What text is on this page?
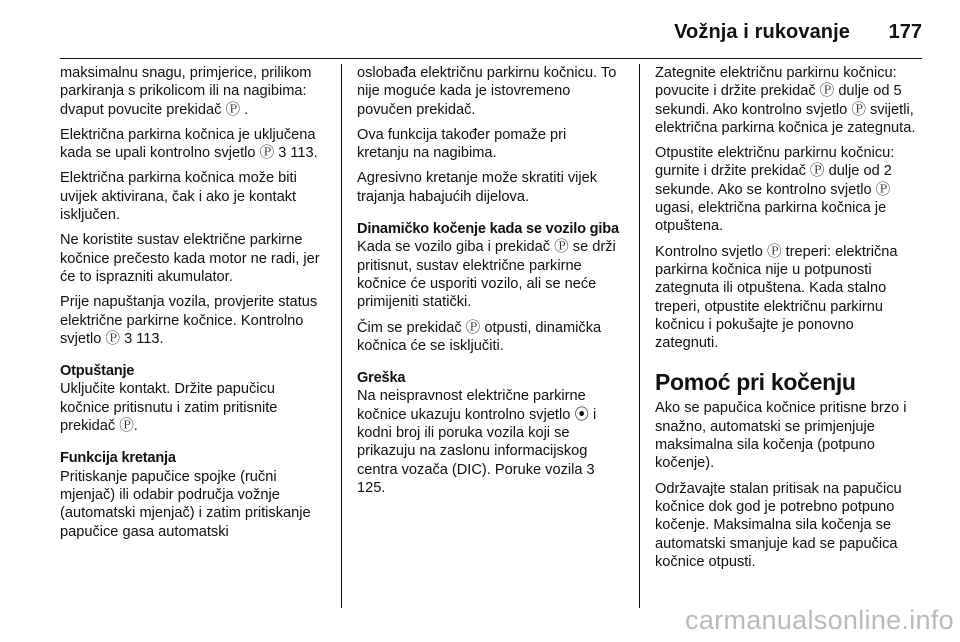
Vožnja i rukovanje 177

maksimalnu snagu, primjerice, prilikom parkiranja s prikolicom ili na nagibima: dvaput povucite prekidač Ⓟ .

Električna parkirna kočnica je uključena kada se upali kontrolno svjetlo Ⓟ 3 113.

Električna parkirna kočnica može biti uvijek aktivirana, čak i ako je kontakt isključen.

Ne koristite sustav električne parkirne kočnice prečesto kada motor ne radi, jer će to isprazniti akumulator.

Prije napuštanja vozila, provjerite status električne parkirne kočnice. Kontrolno svjetlo Ⓟ 3 113.

Otpuštanje

Uključite kontakt. Držite papučicu kočnice pritisnutu i zatim pritisnite prekidač Ⓟ.

Funkcija kretanja

Pritiskanje papučice spojke (ručni mjenjač) ili odabir područja vožnje (automatski mjenjač) i zatim pritiskanje papučice gasa automatski

oslobađa električnu parkirnu kočnicu. To nije moguće kada je istovremeno povučen prekidač.

Ova funkcija također pomaže pri kretanju na nagibima.

Agresivno kretanje može skratiti vijek trajanja habajućih dijelova.

Dinamičko kočenje kada se vozilo giba

Kada se vozilo giba i prekidač Ⓟ se drži pritisnut, sustav električne parkirne kočnice će usporiti vozilo, ali se neće primijeniti statički.

Čim se prekidač Ⓟ otpusti, dinamička kočnica će se isključiti.

Greška

Na neispravnost električne parkirne kočnice ukazuju kontrolno svjetlo ⦿ i kodni broj ili poruka vozila koji se prikazuju na zaslonu informacijskog centra vozača (DIC). Poruke vozila 3 125.

Zategnite električnu parkirnu kočnicu: povucite i držite prekidač Ⓟ dulje od 5 sekundi. Ako kontrolno svjetlo Ⓟ svijetli, električna parkirna kočnica je zategnuta.

Otpustite električnu parkirnu kočnicu: gurnite i držite prekidač Ⓟ dulje od 2 sekunde. Ako se kontrolno svjetlo Ⓟ ugasi, električna parkirna kočnica je otpuštena.

Kontrolno svjetlo Ⓟ treperi: električna parkirna kočnica nije u potpunosti zategnuta ili otpuštena. Kada stalno treperi, otpustite električnu parkirnu kočnicu i pokušajte je ponovno zategnuti.

Pomoć pri kočenju

Ako se papučica kočnice pritisne brzo i snažno, automatski se primjenjuje maksimalna sila kočenja (potpuno kočenje).

Održavajte stalan pritisak na papučicu kočnice dok god je potrebno potpuno kočenje. Maksimalna sila kočenja se automatski smanjuje kad se papučica kočnice otpusti.

carmanualsonline.info
